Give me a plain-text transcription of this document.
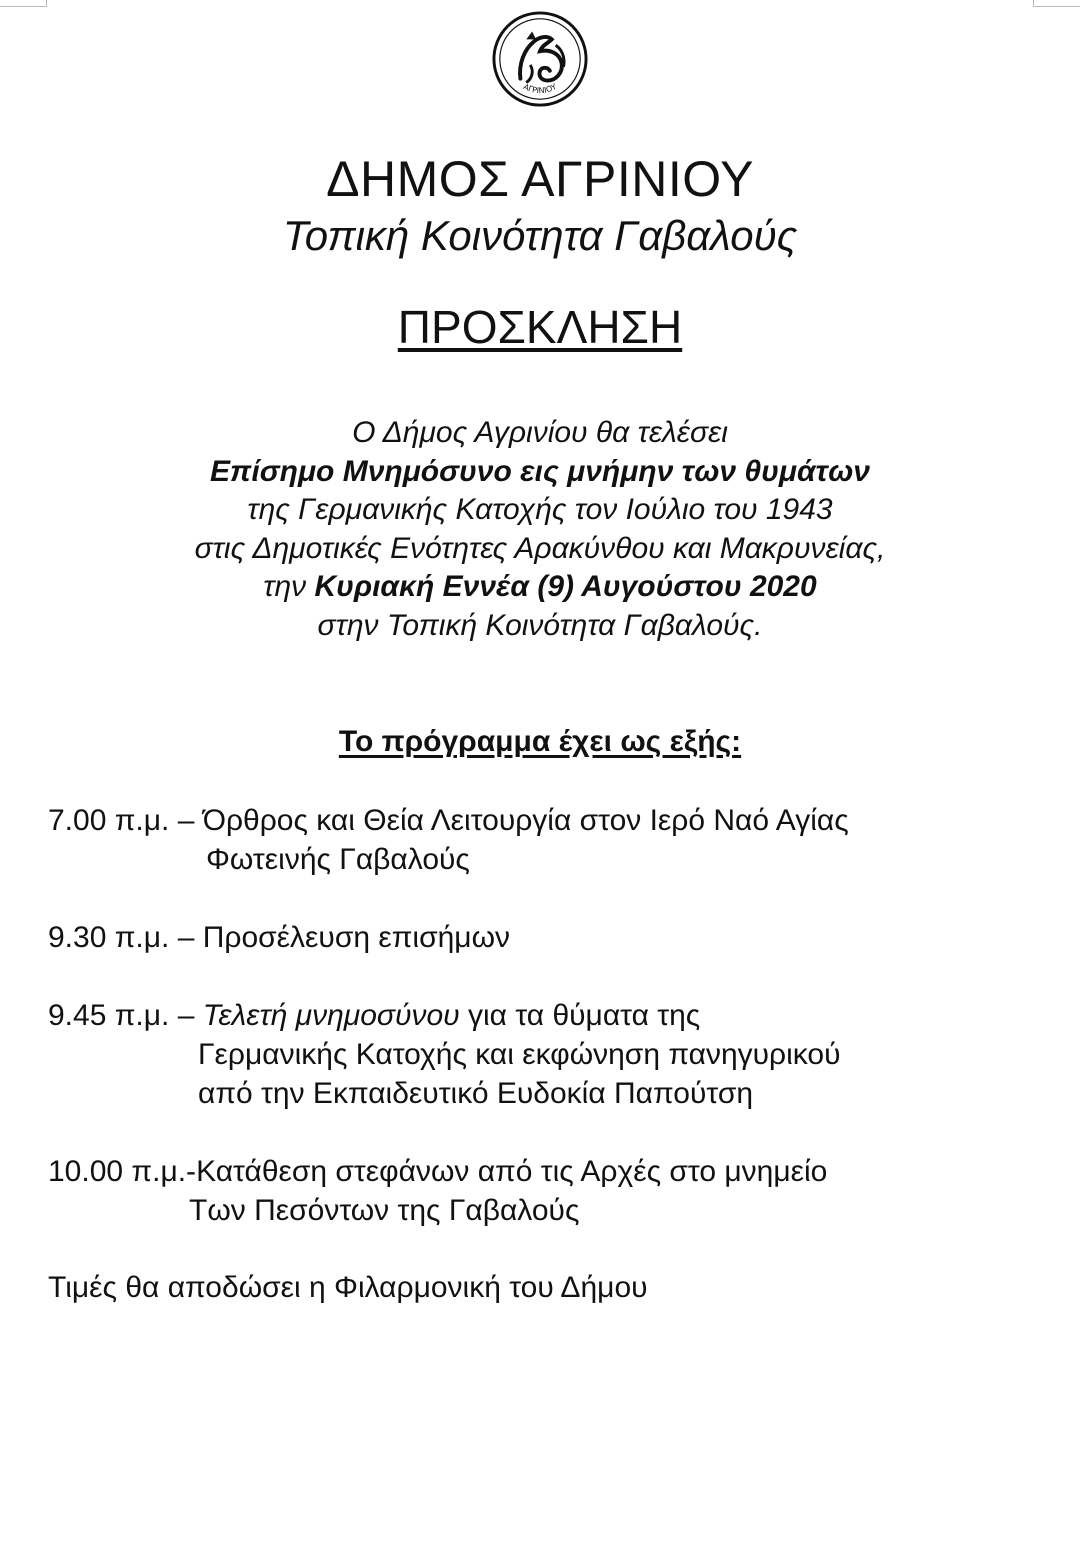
ΑΓΡΙΝΙΟΥ
ΔΗΜΟΣ ΑΓΡΙΝΙΟΥ
Τοπική Κοινότητα Γαβαλούς
ΠΡΟΣΚΛΗΣΗ

Ο Δήμος Αγρινίου θα τελέσει

Επίσημο Μνημόσυνο εις μνήμην των θυμάτων

της Γερμανικής Κατοχής τον Ιούλιο του 1943

στις Δημοτικές Ενότητες Αρακύνθου και Μακρυνείας,

την Κυριακή Εννέα (9) Αυγούστου 2020

στην Τοπική Κοινότητα Γαβαλούς.

Το πρόγραμμα έχει ως εξής:
7.00 π.μ. – Όρθρος και Θεία Λειτουργία στον Ιερό Ναό Αγίας
Φωτεινής Γαβαλούς
9.30 π.μ. – Προσέλευση επισήμων
9.45 π.μ. – Τελετή μνημοσύνου για τα θύματα της
Γερμανικής Κατοχής και εκφώνηση πανηγυρικού
από την Εκπαιδευτικό Ευδοκία Παπούτση
10.00 π.μ.-Κατάθεση στεφάνων από τις Αρχές στο μνημείο
Των Πεσόντων της Γαβαλούς
Τιμές θα αποδώσει η Φιλαρμονική του Δήμου
